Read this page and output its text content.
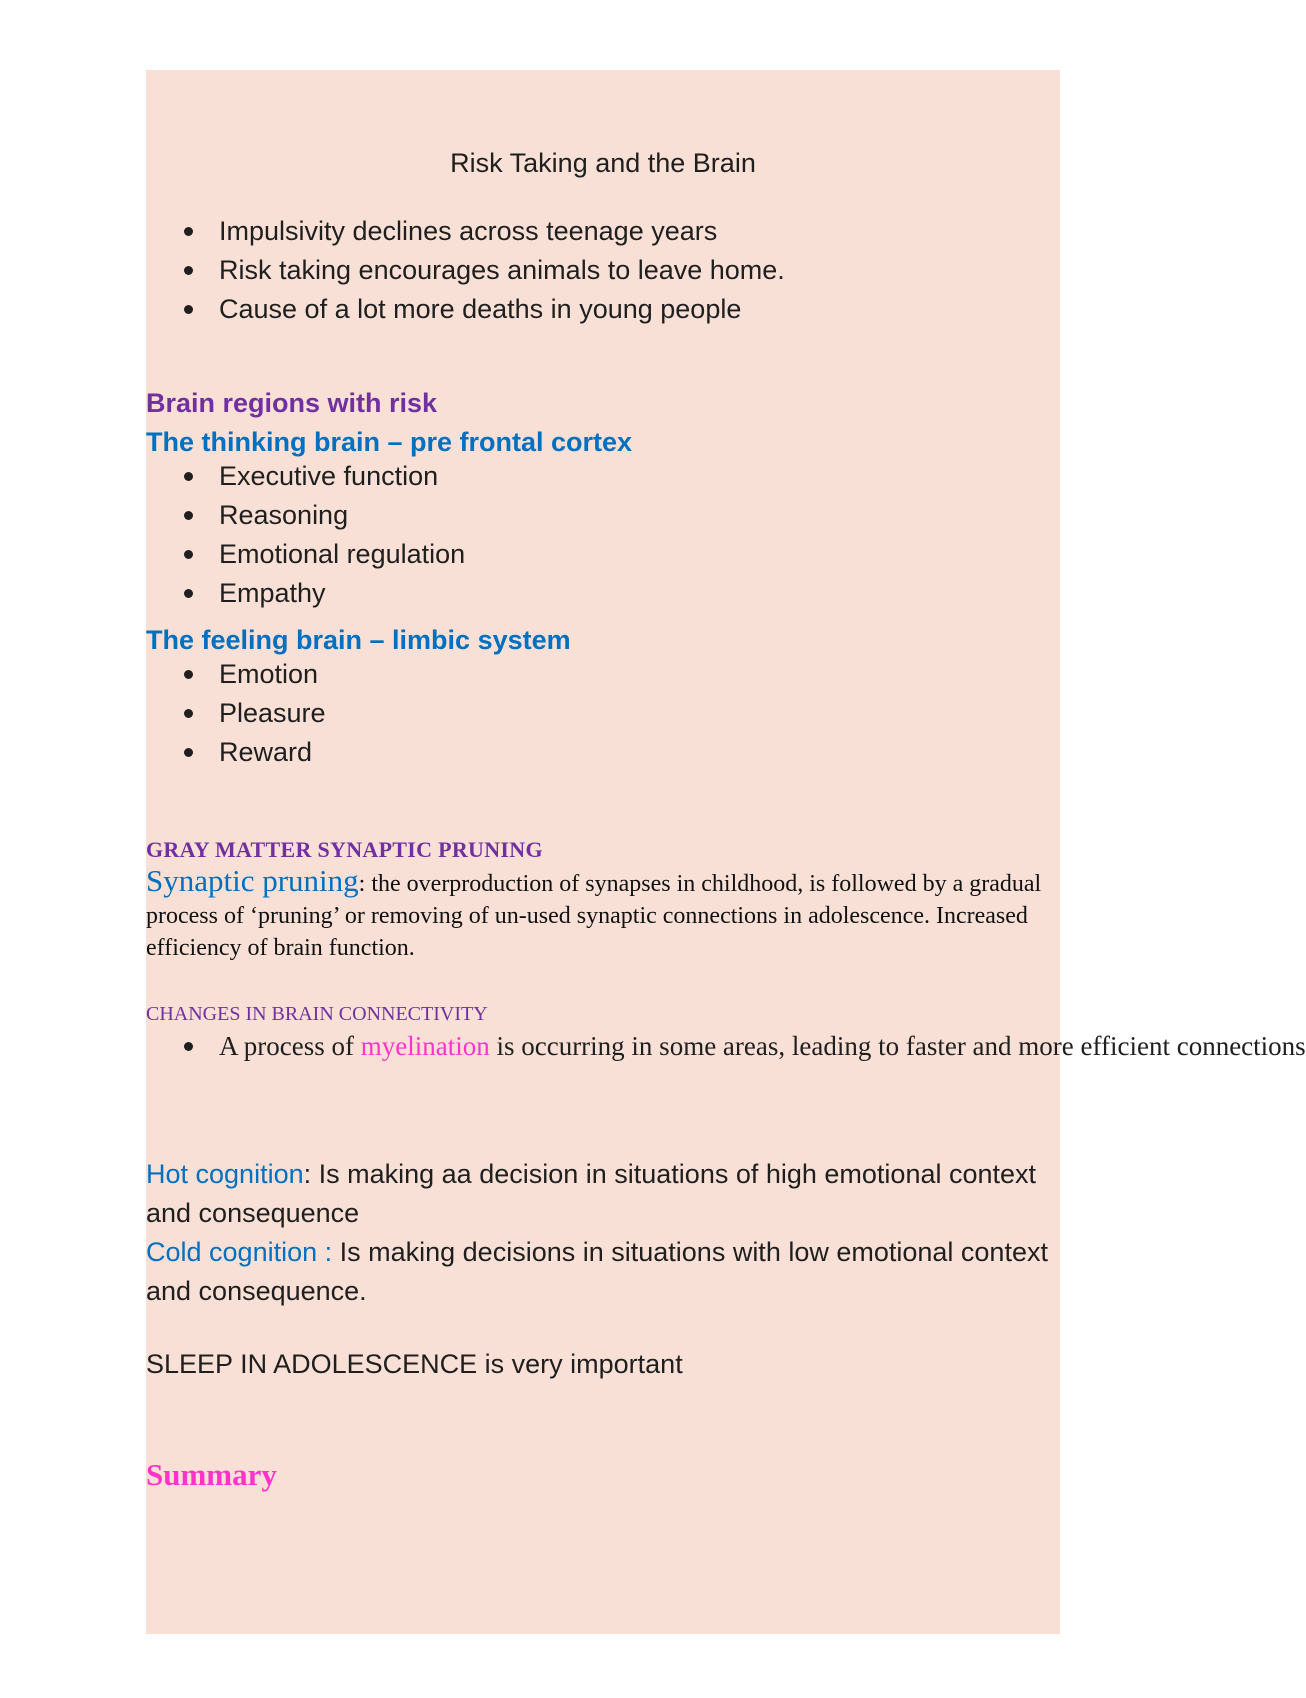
Risk Taking and the Brain
Impulsivity declines across teenage years
Risk taking encourages animals to leave home.
Cause of a lot more deaths in young people
Brain regions with risk
The thinking brain – pre frontal cortex
Executive function
Reasoning
Emotional regulation
Empathy
The feeling brain – limbic system
Emotion
Pleasure
Reward
GRAY MATTER SYNAPTIC PRUNING
Synaptic pruning: the overproduction of synapses in childhood, is followed by a gradual process of ‘pruning’ or removing of un-used synaptic connections in adolescence. Increased efficiency of brain function.
CHANGES IN BRAIN CONNECTIVITY
A process of myelination is occurring in some areas, leading to faster and more efficient connections
Hot cognition: Is making aa decision in situations of high emotional context and consequence
Cold cognition : Is making decisions in situations with low emotional context and consequence.
SLEEP IN ADOLESCENCE is very important
Summary
